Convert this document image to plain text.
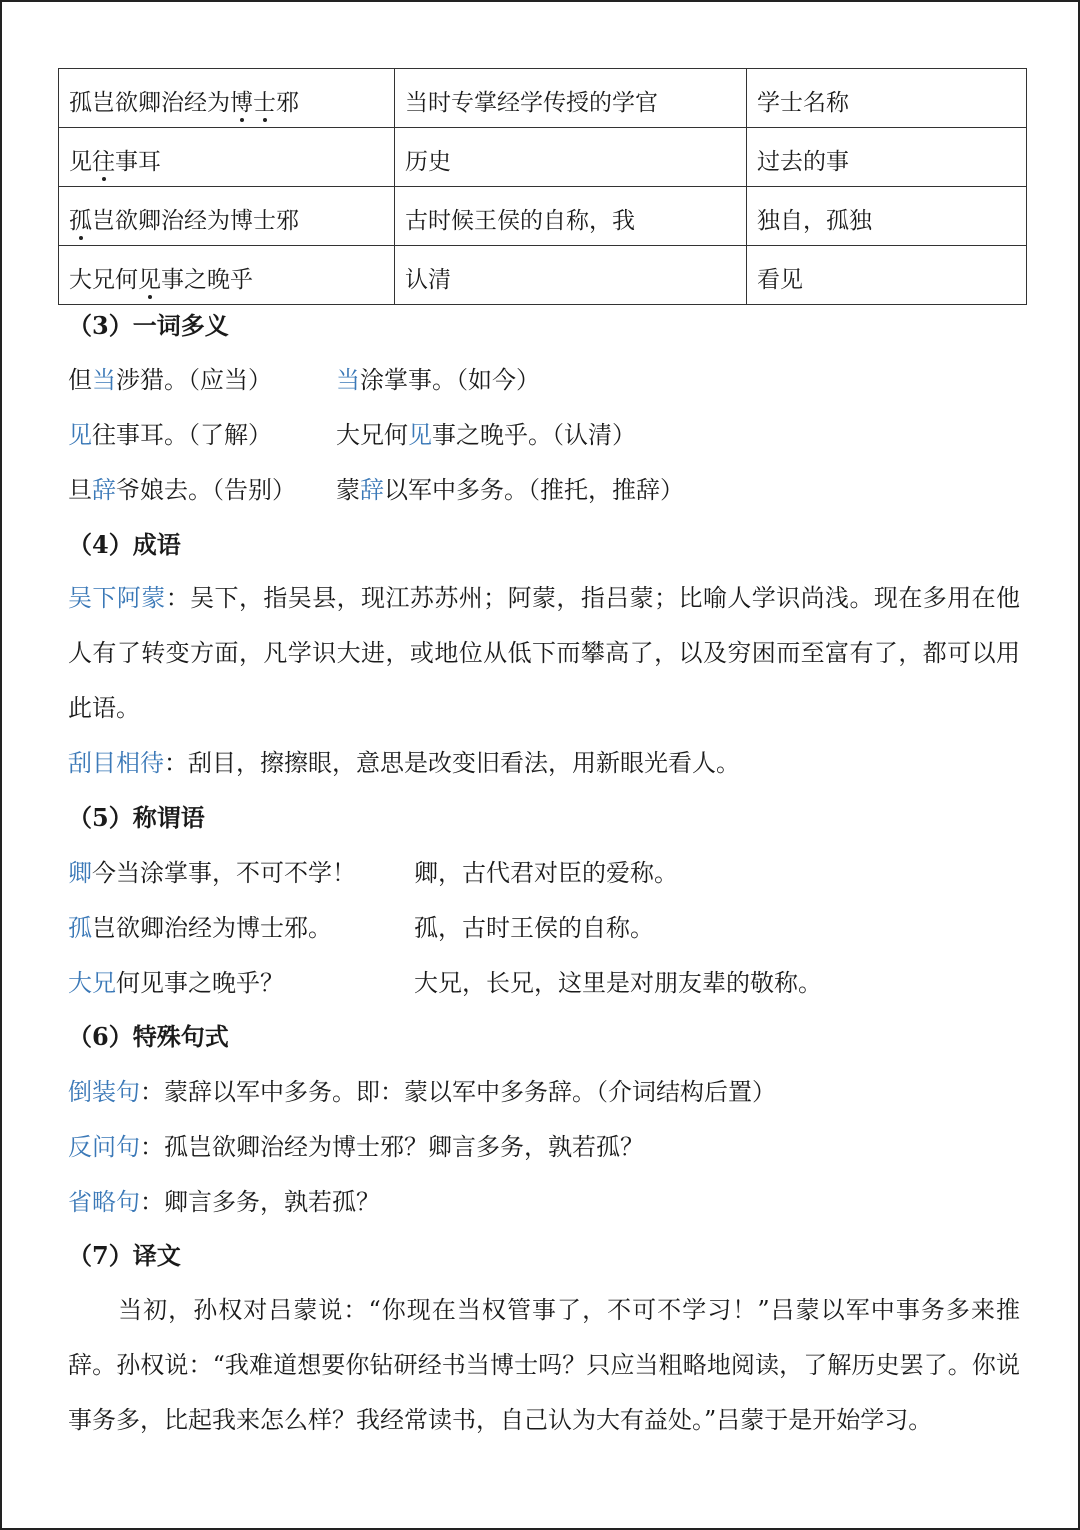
孤岂欲卿治经为博士邪	当时专掌经学传授的学官	学士名称
见往事耳	历史	过去的事
孤岂欲卿治经为博士邪	古时候王侯的自称，我	独自，孤独
大兄何见事之晚乎	认清	看见
（3）一词多义
但当涉猎。（应当）	当涂掌事。（如今）
见往事耳。（了解）	大兄何见事之晚乎。（认清）
旦辞爷娘去。（告别） 蒙辞以军中多务。（推托，推辞）
（4）成语
吴下阿蒙：吴下，指吴县，现江苏苏州；阿蒙，指吕蒙；比喻人学识尚浅。现在多用在他人有了转变方面，凡学识大进，或地位从低下而攀高了，以及穷困而至富有了，都可以用此语。
刮目相待：刮目，擦擦眼，意思是改变旧看法，用新眼光看人。
（5）称谓语
卿今当涂掌事，不可不学！ 卿，古代君对臣的爱称。
孤岂欲卿治经为博士邪。	孤，古时王侯的自称。
大兄何见事之晚乎？	大兄，长兄，这里是对朋友辈的敬称。
（6）特殊句式
倒装句：蒙辞以军中多务。即：蒙以军中多务辞。（介词结构后置）
反问句：孤岂欲卿治经为博士邪？卿言多务，孰若孤？
省略句：卿言多务，孰若孤？
（7）译文
　　当初，孙权对吕蒙说：“你现在当权管事了，不可不学习！”吕蒙以军中事务多来推辞。孙权说：“我难道想要你钻研经书当博士吗？只应当粗略地阅读，了解历史罢了。你说事务多，比起我来怎么样？我经常读书，自己认为大有益处。”吕蒙于是开始学习。
